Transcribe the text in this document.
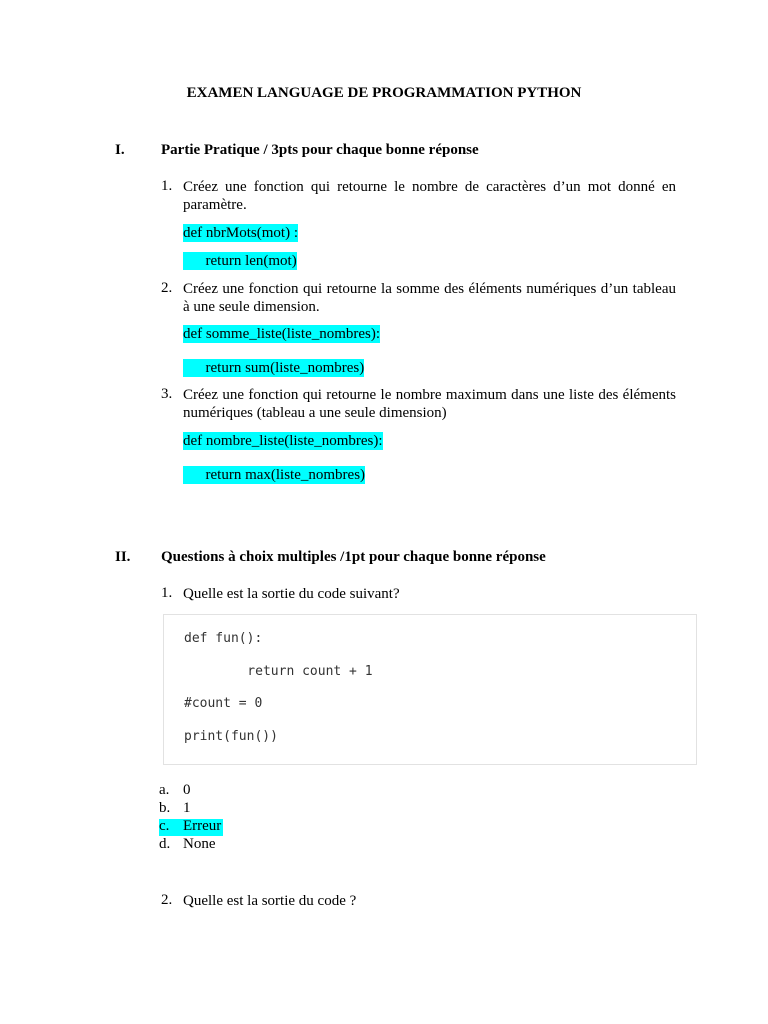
EXAMEN LANGUAGE DE PROGRAMMATION PYTHON
I. Partie Pratique / 3pts pour chaque bonne réponse
1. Créez une fonction qui retourne le nombre de caractères d’un mot donné en paramètre.
def nbrMots(mot) :
return len(mot)
2. Créez une fonction qui retourne la somme des éléments numériques d’un tableau à une seule dimension.
def somme_liste(liste_nombres):
return sum(liste_nombres)
3. Créez une fonction qui retourne le nombre maximum dans une liste des éléments numériques (tableau a une seule dimension)
def nombre_liste(liste_nombres):
return max(liste_nombres)
II. Questions à choix multiples /1pt pour chaque bonne réponse
1. Quelle est la sortie du code suivant?
def fun():
return count + 1
#count = 0
print(fun())
a. 0
b. 1
c. Erreur
d. None
2. Quelle est la sortie du code ?
